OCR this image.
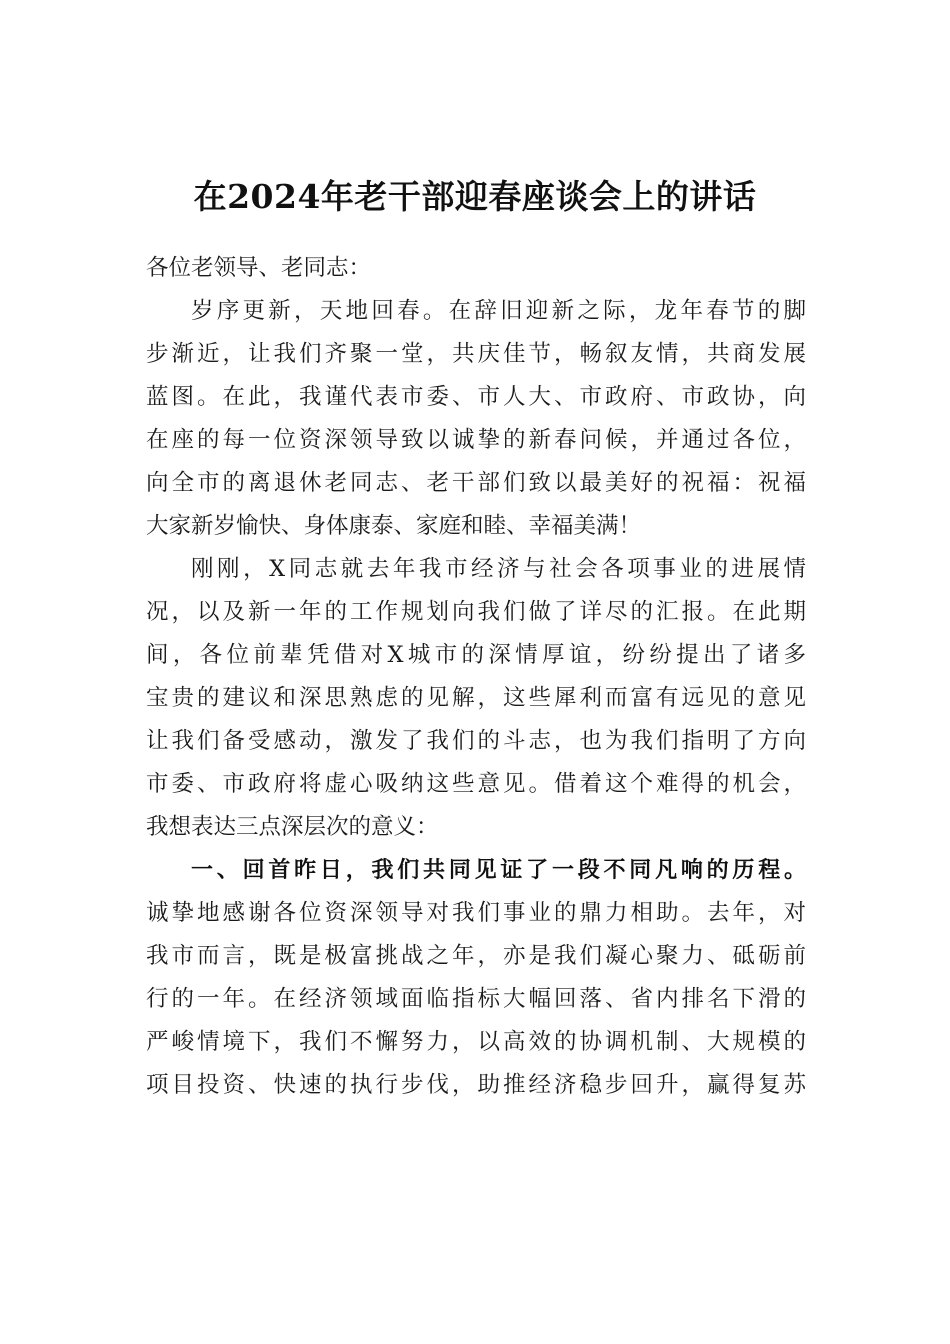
在2024年老干部迎春座谈会上的讲话
各位老领导、老同志：
岁序更新，天地回春。在辞旧迎新之际，龙年春节的脚
步渐近，让我们齐聚一堂，共庆佳节，畅叙友情，共商发展
蓝图。在此，我谨代表市委、市人大、市政府、市政协，向
在座的每一位资深领导致以诚挚的新春问候，并通过各位，
向全市的离退休老同志、老干部们致以最美好的祝福：祝福
大家新岁愉快、身体康泰、家庭和睦、幸福美满！
刚刚，X同志就去年我市经济与社会各项事业的进展情
况，以及新一年的工作规划向我们做了详尽的汇报。在此期
间，各位前辈凭借对X城市的深情厚谊，纷纷提出了诸多
宝贵的建议和深思熟虑的见解，这些犀利而富有远见的意见
让我们备受感动，激发了我们的斗志，也为我们指明了方向
市委、市政府将虚心吸纳这些意见。借着这个难得的机会，
我想表达三点深层次的意义：
一、回首昨日，我们共同见证了一段不同凡响的历程。
诚挚地感谢各位资深领导对我们事业的鼎力相助。去年，对
我市而言，既是极富挑战之年，亦是我们凝心聚力、砥砺前
行的一年。在经济领域面临指标大幅回落、省内排名下滑的
严峻情境下，我们不懈努力，以高效的协调机制、大规模的
项目投资、快速的执行步伐，助推经济稳步回升，赢得复苏
